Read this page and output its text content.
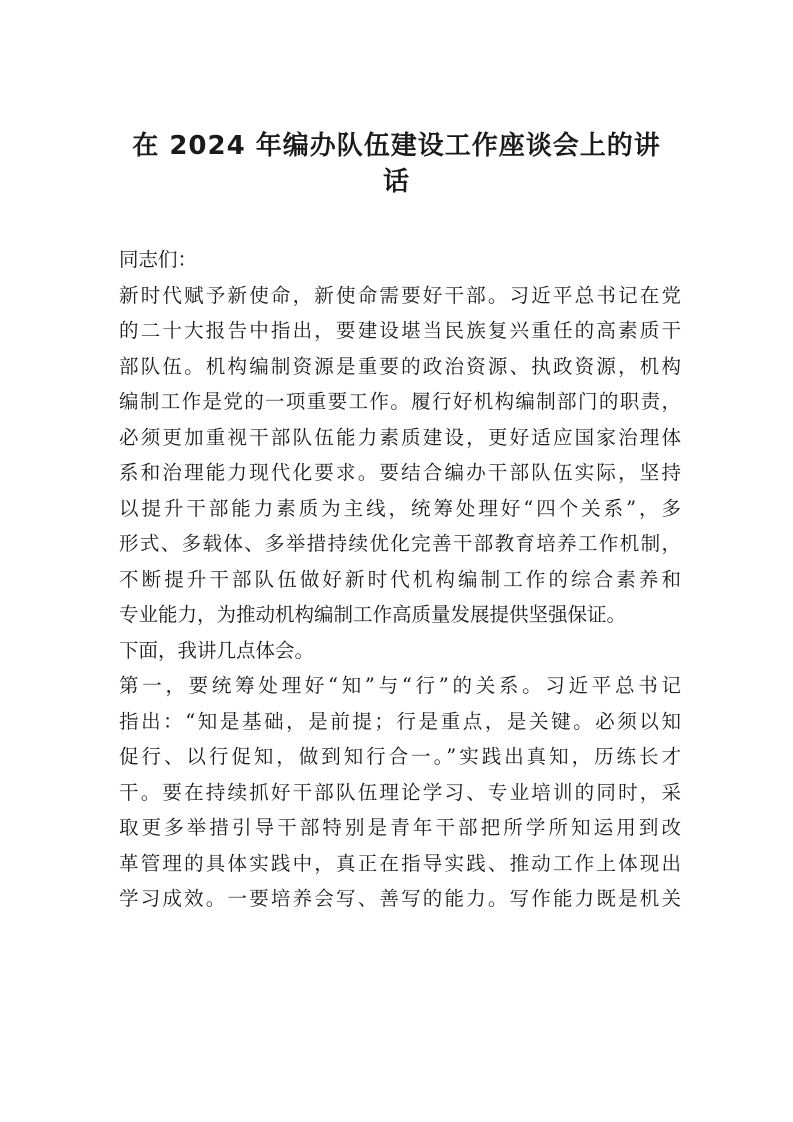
在 2024 年编办队伍建设工作座谈会上的讲
话
同志们：
新时代赋予新使命，新使命需要好干部。习近平总书记在党
的二十大报告中指出，要建设堪当民族复兴重任的高素质干
部队伍。机构编制资源是重要的政治资源、执政资源，机构
编制工作是党的一项重要工作。履行好机构编制部门的职责，
必须更加重视干部队伍能力素质建设，更好适应国家治理体
系和治理能力现代化要求。要结合编办干部队伍实际，坚持
以提升干部能力素质为主线，统筹处理好“四个关系”，多
形式、多载体、多举措持续优化完善干部教育培养工作机制，
不断提升干部队伍做好新时代机构编制工作的综合素养和
专业能力，为推动机构编制工作高质量发展提供坚强保证。
下面，我讲几点体会。
第一，要统筹处理好“知”与“行”的关系。习近平总书记
指出：“知是基础，是前提；行是重点，是关键。必须以知
促行、以行促知，做到知行合一。”实践出真知，历练长才
干。要在持续抓好干部队伍理论学习、专业培训的同时，采
取更多举措引导干部特别是青年干部把所学所知运用到改
革管理的具体实践中，真正在指导实践、推动工作上体现出
学习成效。一要培养会写、善写的能力。写作能力既是机关
